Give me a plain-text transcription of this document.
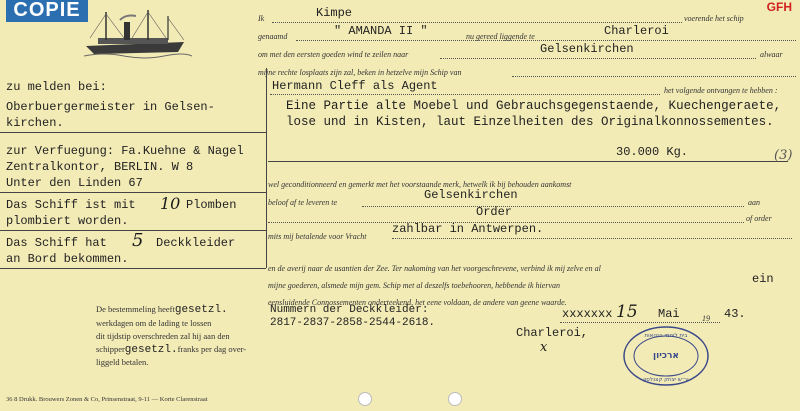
COPIE	GFH
Ik	Kimpe	voerende het schip
genaamd	" AMANDA II "	nu gereed liggende te	Charleroi
om met den eersten goeden wind te zeilen naar	Gelsenkirchen	alwaar
mijne rechte losplaats zijn zal, beken in hetzelve mijn Schip van
Hermann Cleff als Agent	het volgende ontvangen te hebben :
Eine Partie alte Moebel und Gebrauchsgegenstaende, Kuechengeraete,
lose und in Kisten, laut Einzelheiten des Originalkonnossementes.
30.000 Kg.	(3)
wel geconditionneerd en gemerkt met het voorstaande merk, hetwelk ik bij behouden aankomst
beloof af te leveren te
Gelsenkirchen
aan
Order	of order
mits mij betalende voor Vracht
zahlbar in Antwerpen.
en de averij naar de usantien der Zee. Ter nakoming van het voorgeschrevene, verbind ik mij zelve en al
mijne goederen, alsmede mijn gem. Schip met al deszelfs toebehooren, hebbende ik hiervan	ein
eensluidende Connossementen onderteekend, het eene voldaan, de andere van geene waarde.
Nummern der Deckkleider:
2817-2837-2858-2544-2618.
xxxxxxx 15 Mai	19 43.
Charleroi,
x
zu melden bei:
Oberbuergermeister in Gelsen-
kirchen.
zur Verfuegung: Fa.Kuehne & Nagel
Zentralkontor, BERLIN. W 8
Unter den Linden 67
Das Schiff ist mit 10 Plomben
plombiert worden.
Das Schiff hat 5 Deckkleider
an Bord bekommen.
De bestemmeling heeftgesetzl.
werkdagen om de lading te lossen
dit tijdstip overschreden zal hij aan den
schippergesetzl.franks per dag over-
liggeld betalen.
36 8 Drukk. Brouwers Zonen & Co, Prinsenstraat, 9-11 — Korte Clarenstraat
בית לוחמי הגטאות
ארכיון
ע״ש יצחק קצנלסון
